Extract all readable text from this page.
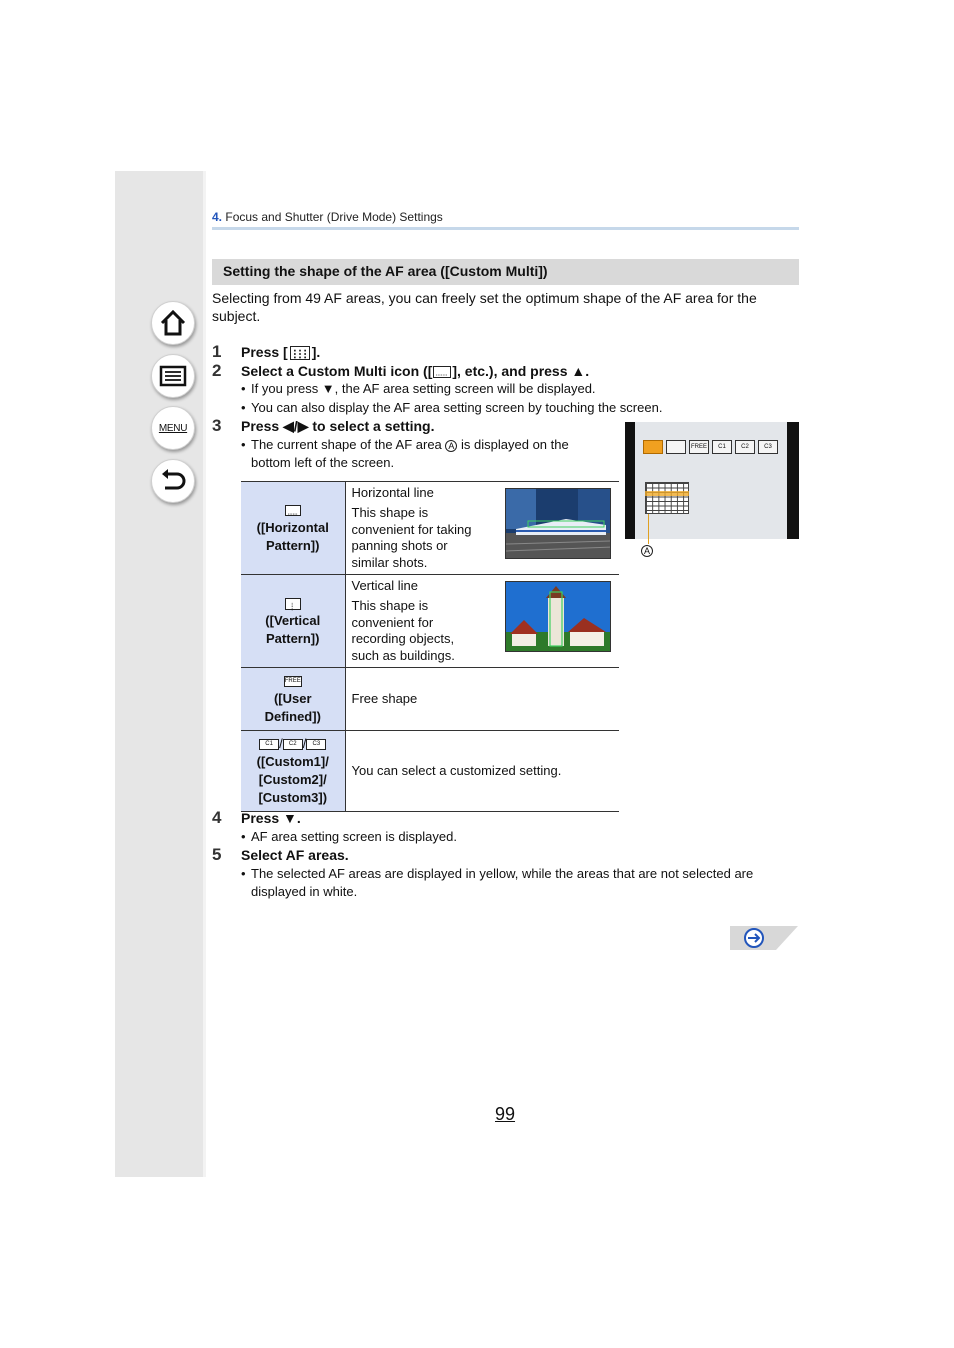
MENU
4. Focus and Shutter (Drive Mode) Settings
Setting the shape of the AF area ([Custom Multi])
Selecting from 49 AF areas, you can freely set the optimum shape of the AF area for the subject.
1 Press [ ].
2 Select a Custom Multi icon ([ ], etc.), and press ▲.
• If you press ▼, the AF area setting screen will be displayed.
• You can also display the AF area setting screen by touching the screen.
3 Press ◀/▶ to select a setting.
• The current shape of the AF area A is displayed on the
bottom left of the screen.
FREE	C1	C2	C3
A

([Horizontal
Pattern])	Horizontal line

This shape is
convenient for taking
panning shots or
similar shots.

([Vertical
Pattern])	Vertical line

This shape is
convenient for
recording objects,
such as buildings.

FREE
([User
Defined])	Free shape
C1 / C2 / C3
([Custom1]/
[Custom2]/
[Custom3])	You can select a customized setting.
4 Press ▼.
• AF area setting screen is displayed.
5 Select AF areas.
• The selected AF areas are displayed in yellow, while the areas that are not selected are
displayed in white.
99
